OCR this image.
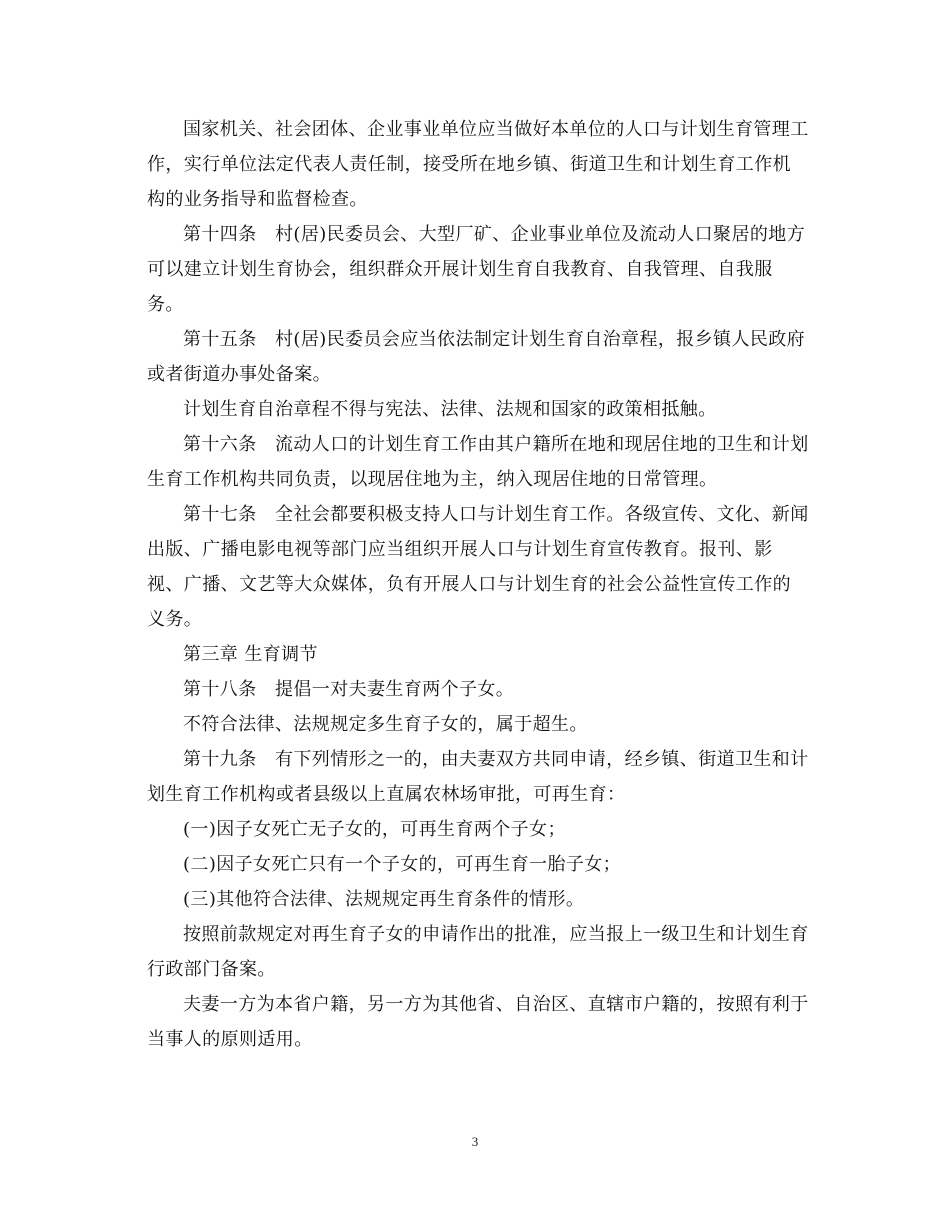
国家机关、社会团体、企业事业单位应当做好本单位的人口与计划生育管理工作，实行单位法定代表人责任制，接受所在地乡镇、街道卫生和计划生育工作机构的业务指导和监督检查。

第十四条　村(居)民委员会、大型厂矿、企业事业单位及流动人口聚居的地方可以建立计划生育协会，组织群众开展计划生育自我教育、自我管理、自我服务。

第十五条　村(居)民委员会应当依法制定计划生育自治章程，报乡镇人民政府或者街道办事处备案。

计划生育自治章程不得与宪法、法律、法规和国家的政策相抵触。

第十六条　流动人口的计划生育工作由其户籍所在地和现居住地的卫生和计划生育工作机构共同负责，以现居住地为主，纳入现居住地的日常管理。

第十七条　全社会都要积极支持人口与计划生育工作。各级宣传、文化、新闻出版、广播电影电视等部门应当组织开展人口与计划生育宣传教育。报刊、影视、广播、文艺等大众媒体，负有开展人口与计划生育的社会公益性宣传工作的义务。

第三章 生育调节

第十八条　提倡一对夫妻生育两个子女。

不符合法律、法规规定多生育子女的，属于超生。

第十九条　有下列情形之一的，由夫妻双方共同申请，经乡镇、街道卫生和计划生育工作机构或者县级以上直属农林场审批，可再生育：

(一)因子女死亡无子女的，可再生育两个子女；

(二)因子女死亡只有一个子女的，可再生育一胎子女；

(三)其他符合法律、法规规定再生育条件的情形。

按照前款规定对再生育子女的申请作出的批准，应当报上一级卫生和计划生育行政部门备案。

夫妻一方为本省户籍，另一方为其他省、自治区、直辖市户籍的，按照有利于当事人的原则适用。

3
